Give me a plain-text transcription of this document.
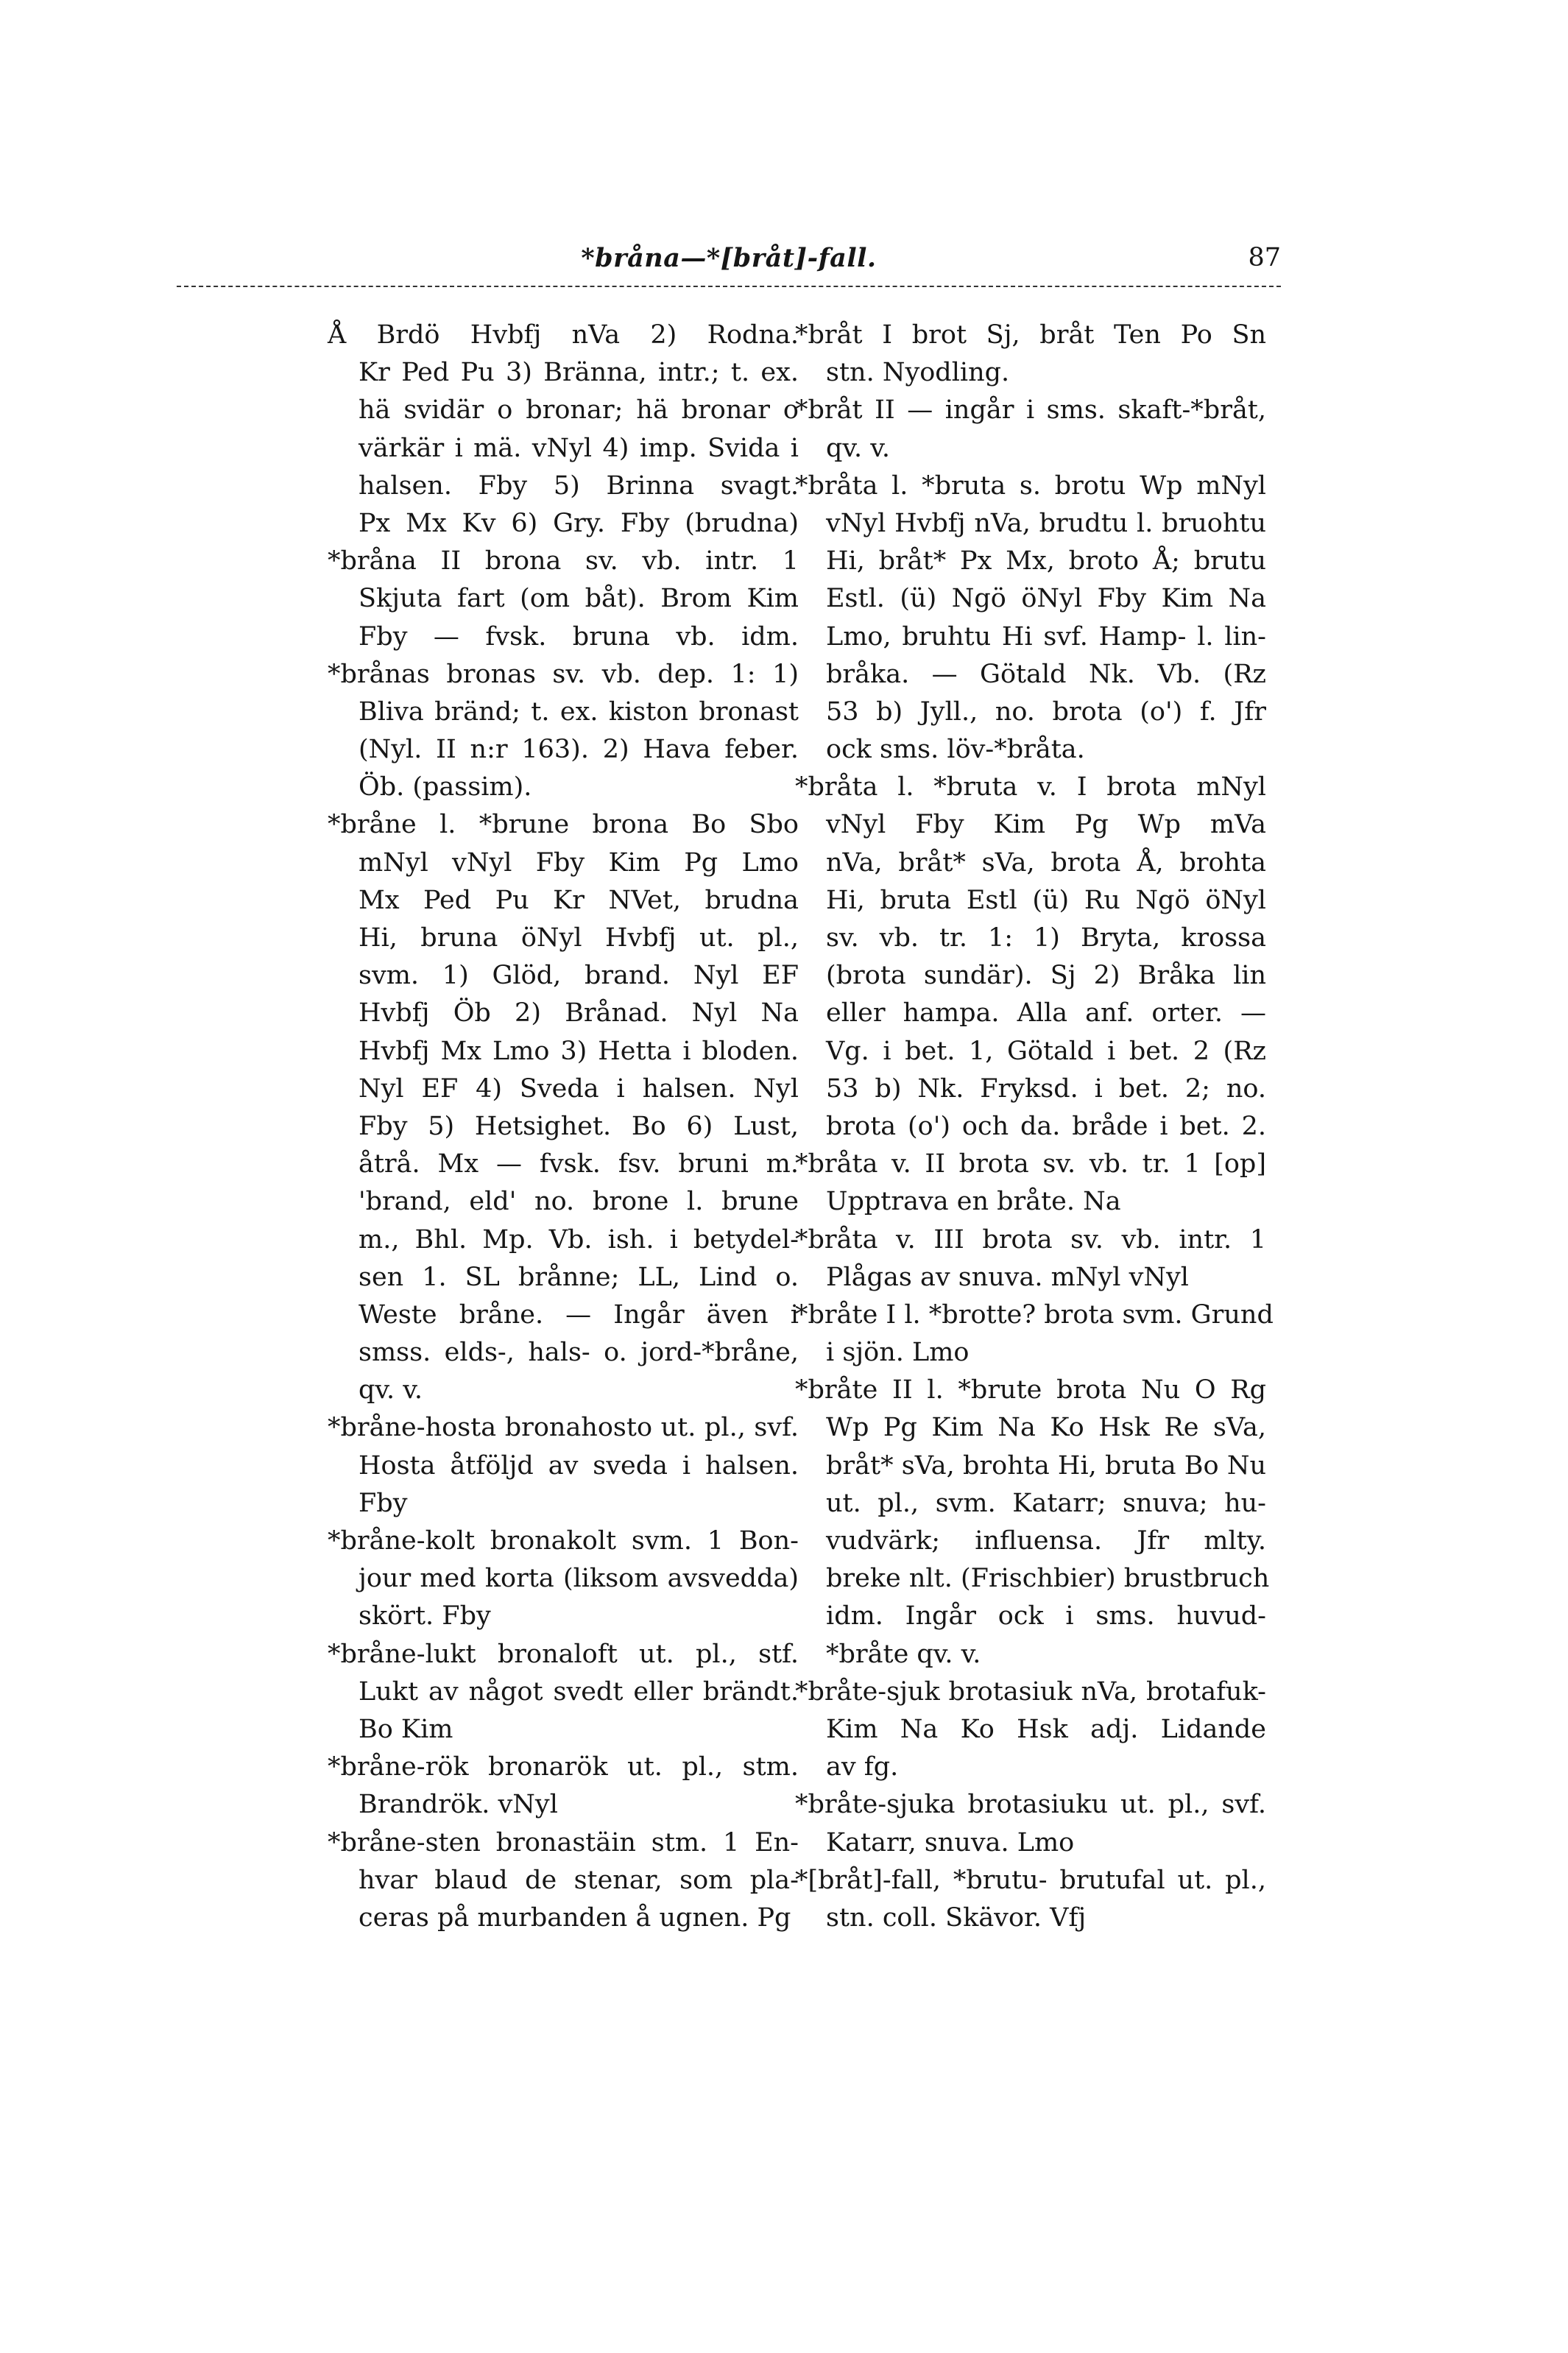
*bråna—*[bråt]-fall.	87
Å Brdö Hvbfj nVa 2) Rodna.
Kr Ped Pu 3) Bränna, intr.; t. ex.
hä svidär o bronar; hä bronar o
värkär i mä. vNyl 4) imp. Svida i
halsen. Fby 5) Brinna svagt.
Px Mx Kv 6) Gry. Fby (brudna)
*bråna II brona sv. vb. intr. 1
Skjuta fart (om båt). Brom Kim
Fby — fvsk. bruna vb. idm.
*brånas bronas sv. vb. dep. 1: 1)
Bliva bränd; t. ex. kiston bronast
(Nyl. II n:r 163). 2) Hava feber.
Öb. (passim).
*bråne l. *brune brona Bo Sbo
mNyl vNyl Fby Kim Pg Lmo
Mx Ped Pu Kr NVet, brudna
Hi, bruna öNyl Hvbfj ut. pl.,
svm. 1) Glöd, brand. Nyl EF
Hvbfj Öb 2) Brånad. Nyl Na
Hvbfj Mx Lmo 3) Hetta i bloden.
Nyl EF 4) Sveda i halsen. Nyl
Fby 5) Hetsighet. Bo 6) Lust,
åtrå. Mx — fvsk. fsv. bruni m.
'brand, eld' no. brone l. brune
m., Bhl. Mp. Vb. ish. i betydel-
sen 1. SL brånne; LL, Lind o.
Weste bråne. — Ingår även i
smss. elds-, hals- o. jord-*bråne,
qv. v.
*bråne-hosta bronahosto ut. pl., svf.
Hosta åtföljd av sveda i halsen.
Fby
*bråne-kolt bronakolt svm. 1 Bon-
jour med korta (liksom avsvedda)
skört. Fby
*bråne-lukt bronaloft ut. pl., stf.
Lukt av något svedt eller brändt.
Bo Kim
*bråne-rök bronarök ut. pl., stm.
Brandrök. vNyl
*bråne-sten bronastäin stm. 1 En-
hvar blaud de stenar, som pla-
ceras på murbanden å ugnen. Pg
*bråt I brot Sj, bråt Ten Po Sn
stn. Nyodling.
*bråt II — ingår i sms. skaft-*bråt,
qv. v.
*bråta l. *bruta s. brotu Wp mNyl
vNyl Hvbfj nVa, brudtu l. bruohtu
Hi, bråt* Px Mx, broto Å; brutu
Estl. (ü) Ngö öNyl Fby Kim Na
Lmo, bruhtu Hi svf. Hamp- l. lin-
bråka. — Götald Nk. Vb. (Rz
53 b) Jyll., no. brota (o') f. Jfr
ock sms. löv-*bråta.
*bråta l. *bruta v. I brota mNyl
vNyl Fby Kim Pg Wp mVa
nVa, bråt* sVa, brota Å, brohta
Hi, bruta Estl (ü) Ru Ngö öNyl
sv. vb. tr. 1: 1) Bryta, krossa
(brota sundär). Sj 2) Bråka lin
eller hampa. Alla anf. orter. —
Vg. i bet. 1, Götald i bet. 2 (Rz
53 b) Nk. Fryksd. i bet. 2; no.
brota (o') och da. bråde i bet. 2.
*bråta v. II brota sv. vb. tr. 1 [op]
Upptrava en bråte. Na
*bråta v. III brota sv. vb. intr. 1
Plågas av snuva. mNyl vNyl
*bråte I l. *brotte? brota svm. Grund
i sjön. Lmo
*bråte II l. *brute brota Nu O Rg
Wp Pg Kim Na Ko Hsk Re sVa,
bråt* sVa, brohta Hi, bruta Bo Nu
ut. pl., svm. Katarr; snuva; hu-
vudvärk; influensa. Jfr mlty.
breke nlt. (Frischbier) brustbruch
idm. Ingår ock i sms. huvud-
*bråte qv. v.
*bråte-sjuk brotasiuk nVa, brotafuk-
Kim Na Ko Hsk adj. Lidande
av fg.
*bråte-sjuka brotasiuku ut. pl., svf.
Katarr, snuva. Lmo
*[bråt]-fall, *brutu- brutufal ut. pl.,
stn. coll. Skävor. Vfj
